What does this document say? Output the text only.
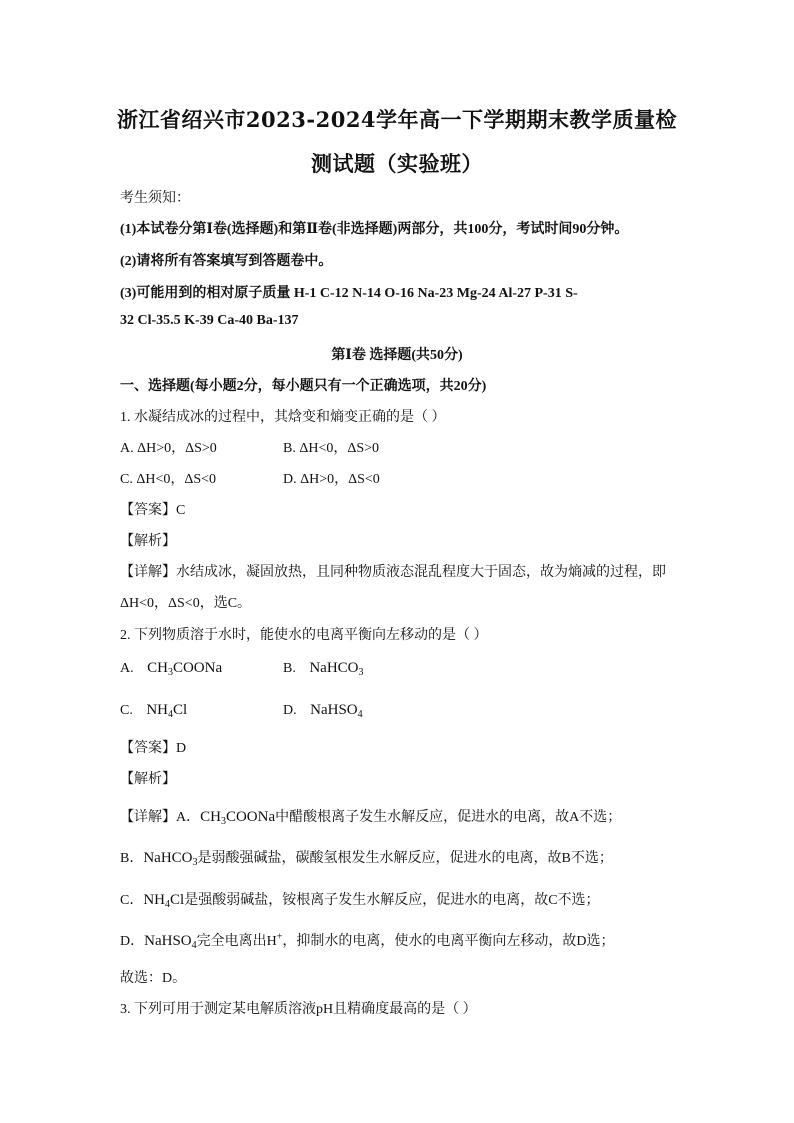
浙江省绍兴市2023-2024学年高一下学期期末教学质量检
测试题（实验班）
考生须知：
(1)本试卷分第Ⅰ卷(选择题)和第Ⅱ卷(非选择题)两部分，共100分，考试时间90分钟。
(2)请将所有答案填写到答题卷中。
(3)可能用到的相对原子质量 H-1 C-12 N-14 O-16 Na-23 Mg-24 Al-27 P-31 S-
32 Cl-35.5 K-39 Ca-40 Ba-137
第Ⅰ卷 选择题(共50分)
一、选择题(每小题2分，每小题只有一个正确选项，共20分)
1. 水凝结成冰的过程中，其焓变和熵变正确的是（ ）
A. ΔH>0，ΔS>0	B. ΔH<0，ΔS>0
C. ΔH<0，ΔS<0	D. ΔH>0，ΔS<0
【答案】C
【解析】
【详解】水结成冰，凝固放热，且同种物质液态混乱程度大于固态，故为熵减的过程，即
ΔH<0，ΔS<0，选C。
2. 下列物质溶于水时，能使水的电离平衡向左移动的是（ ）
A. $CH_3COONa$	B. NaHCO$_3$
C. $NH_4Cl$	D. NaHSO$_4$
【答案】D
【解析】
【详解】A．$CH_3COONa$中醋酸根离子发生水解反应，促进水的电离，故A不选；
B．NaHCO$_3$是弱酸强碱盐，碳酸氢根发生水解反应，促进水的电离，故B不选；
C．$NH_4Cl$是强酸弱碱盐，铵根离子发生水解反应，促进水的电离，故C不选；
D．NaHSO$_4$完全电离出H+，抑制水的电离，使水的电离平衡向左移动，故D选；
故选：D。
3. 下列可用于测定某电解质溶液pH且精确度最高的是（ ）
